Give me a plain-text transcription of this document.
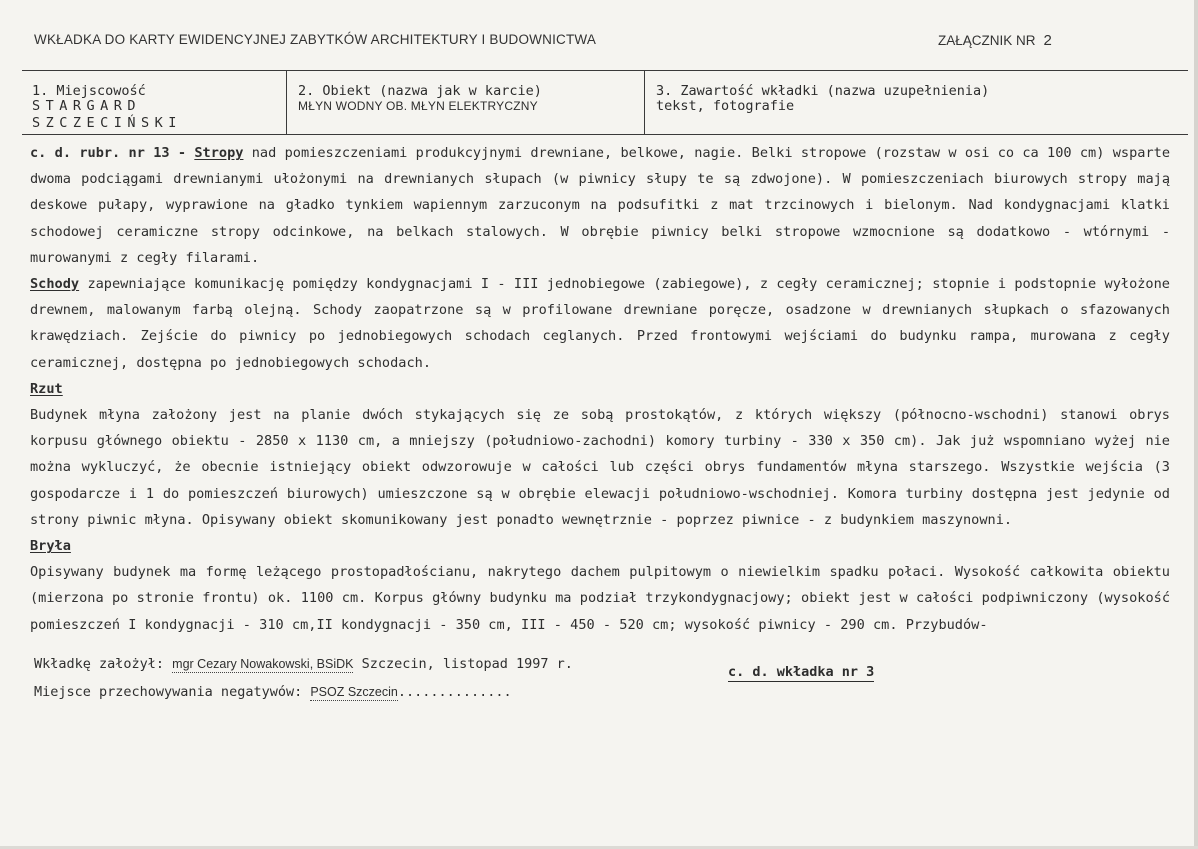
WKŁADKA DO KARTY EWIDENCYJNEJ ZABYTKÓW ARCHITEKTURY I BUDOWNICTWA	ZAŁĄCZNIK NR 2
1. Miejscowość
STARGARD
SZCZECIŃSKI
2. Obiekt (nazwa jak w karcie)
MŁYN WODNY OB. MŁYN ELEKTRYCZNY
3. Zawartość wkładki (nazwa uzupełnienia)
tekst, fotografie

c. d. rubr. nr 13 - Stropy nad pomieszczeniami produkcyjnymi drewniane, belkowe, nagie. Belki stropowe (rozstaw w osi co ca 100 cm) wsparte dwoma podciągami drewnianymi ułożonymi na drewnianych słupach (w piwnicy słupy te są zdwojone). W pomieszczeniach biurowych stropy mają deskowe pułapy, wyprawione na gładko tynkiem wapiennym zarzuconym na podsufitki z mat trzcinowych i bielonym. Nad kondygnacjami klatki schodowej ceramiczne stropy odcinkowe, na belkach stalowych. W obrębie piwnicy belki stropowe wzmocnione są dodatkowo - wtórnymi - murowanymi z cegły filarami.

Schody zapewniające komunikację pomiędzy kondygnacjami I - III jednobiegowe (zabiegowe), z cegły ceramicznej; stopnie i podstopnie wyłożone drewnem, malowanym farbą olejną. Schody zaopatrzone są w profilowane drewniane poręcze, osadzone w drewnianych słupkach o sfazowanych krawędziach. Zejście do piwnicy po jednobiegowych schodach ceglanych. Przed frontowymi wejściami do budynku rampa, murowana z cegły ceramicznej, dostępna po jednobiegowych schodach.

Rzut

Budynek młyna założony jest na planie dwóch stykających się ze sobą prostokątów, z których większy (północno-wschodni) stanowi obrys korpusu głównego obiektu - 2850 x 1130 cm, a mniejszy (południowo-zachodni) komory turbiny - 330 x 350 cm). Jak już wspomniano wyżej nie można wykluczyć, że obecnie istniejący obiekt odwzorowuje w całości lub części obrys fundamentów młyna starszego. Wszystkie wejścia (3 gospodarcze i 1 do pomieszczeń biurowych) umieszczone są w obrębie elewacji południowo-wschodniej. Komora turbiny dostępna jest jedynie od strony piwnic młyna. Opisywany obiekt skomunikowany jest ponadto wewnętrznie - poprzez piwnice - z budynkiem maszynowni.

Bryła

Opisywany budynek ma formę leżącego prostopadłościanu, nakrytego dachem pulpitowym o niewielkim spadku połaci. Wysokość całkowita obiektu (mierzona po stronie frontu) ok. 1100 cm. Korpus główny budynku ma podział trzykondygnacjowy; obiekt jest w całości podpiwniczony (wysokość pomieszczeń I kondygnacji - 310 cm,II kondygnacji - 350 cm, III - 450 - 520 cm; wysokość piwnicy - 290 cm. Przybudów-

Wkładkę założył: mgr Cezary Nowakowski, BSiDK Szczecin, listopad 1997 r.
Miejsce przechowywania negatywów: PSOZ Szczecin..............
c. d. wkładka nr 3
